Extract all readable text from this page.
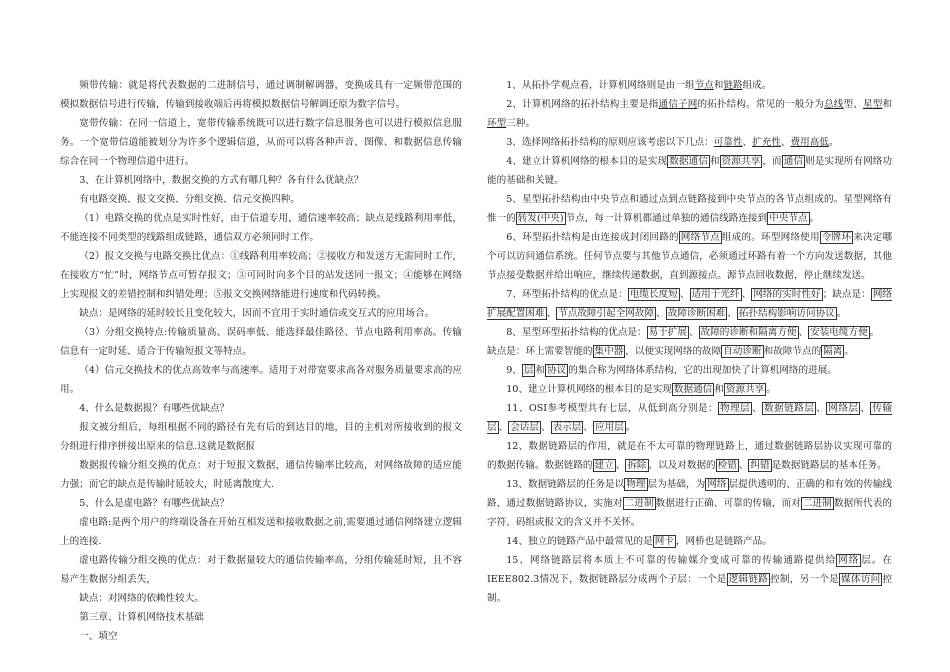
频带传输：就是将代表数据的二进制信号，通过调制解调器，变换成具有一定频带范围的模拟数据信号进行传输，传输到接收端后再将模拟数据信号解调还原为数字信号。

宽带传输：在同一信道上，宽带传输系统既可以进行数字信息服务也可以进行模拟信息服务。一个宽带信道能被划分为许多个逻辑信道，从而可以将各种声音、图像、和数据信息传输综合在同一个物理信道中进行。

3、在计算机网络中，数据交换的方式有哪几种？各有什么优缺点？

有电路交换、报文交换、分组交换、信元交换四种。

（1）电路交换的优点是实时性好，由于信道专用，通信速率较高；缺点是线路利用率低，不能连接不同类型的线路组成链路，通信双方必须同时工作。

（2）报文交换与电路交换比优点：①线路利用率较高；②接收方和发送方无需同时工作，在接收方“忙”时，网络节点可暂存报文；③可同时向多个目的站发送同一报文；④能够在网络上实现报文的差错控制和纠错处理；⑤报文交换网络能进行速度和代码转换。

缺点：是网络的延时较长且变化较大，因而不宜用于实时通信或交互式的应用场合。

（3）分组交换特点:传输质量高、误码率低、能选择最佳路径、节点电路利用率高。传输信息有一定时延、适合于传输短报文等特点。

（4）信元交换技术的优点高效率与高速率。适用于对带宽要求高各对服务质量要求高的应用。

4、什么是数据报？有哪些优缺点？

报文被分组后，每组根据不同的路径有先有后的到达目的地，目的主机对所接收到的报文分组进行排序拼接出原来的信息.这就是数据报

数据报传输分组交换的优点：对于短报文数据，通信传输率比较高，对网络故障的适应能力强；而它的缺点是传输时延较大，时延离散度大.

5、什么是虚电路？有哪些优缺点？

虚电路:是两个用户的终端设备在开始互相发送和接收数据之前,需要通过通信网络建立逻辑上的连接.

虚电路传输分组交换的优点：对于数据量较大的通信传输率高，分组传输延时短，且不容易产生数据分组丢失，

缺点：对网络的依赖性较大。

第三章、计算机网络技术基础

一、填空

1、从拓扑学观点看，计算机网络则是由一组节点和链路组成。

2、计算机网络的拓扑结构主要是指通信子网的拓扑结构。常见的一般分为总线型、星型和环型三种。

3、选择网络拓扑结构的原则应该考虑以下几点：可靠性、扩充性、费用高低。

4、建立计算机网络的根本目的是实现 数据通信 和 资源共享 ，而 通信 则是实现所有网络功能的基础和关键。

5、星型拓扑结构由中央节点和通过点到点链路接到中央节点的各节点组成的。星型网络有惟一的 转发(中央) 节点，每一计算机都通过单独的通信线路连接到 中央节点 。

6、环型拓扑结构是由连接成封闭回路的 网络节点 组成的。环型网络使用 令牌环 来决定哪个可以访问通信系统。任何节点要与其他节点通信，必须通过环路有着一个方向发送数据，其他节点接受数据并给出响应，继续传递数据，直到源接点。源节点回收数据，停止继续发送。

7、环型拓扑结构的优点是： 电缆长度短 、 适用于光纤 、 网络的实时性好 ；缺点是： 网络扩展配置困难 、 节点故障引起全网故障 、 故障诊断困难 、 拓扑结构影响访问协议 。

8、星型环型拓扑结构的优点是： 易于扩展 、 故障的诊断和隔离方便 、 安装电缆方便 。

缺点是：环上需要智能的 集中器 ，以便实现网络的故障 自动诊断 和故障节点的 隔离 。

9、 层 和 协议 的集合称为网络体系结构，它的出现加快了计算机网络的进展。

10、建立计算机网络的根本目的是实现 数据通信 和 资源共享 。

11、OSI参考模型共有七层，从低到高分别是： 物理层 、 数据链路层 、 网络层 、 传输层 、 会话层 、 表示层 、 应用层 。

12、数据链路层的作用，就是在不太可靠的物理链路上，通过数据链路层协议实现可靠的的数据传输。数据链路的 建立 、 拆除 、以及对数据的 检错 、 纠错 是数据链路层的基本任务。

13、数据链路层的任务是以 物理 层为基础，为 网络 层提供透明的、正确的和有效的传输线路，通过数据链路协议，实施对 二进制 数据进行正确、可靠的传输，而对 二进制 数据所代表的字符、码组或报文的含义并不关怀。

14、独立的链路产品中最常见的是 网卡 ，网桥也是链路产品。

15、网络链路层将本质上不可靠的传输媒介变成可靠的传输通路提供给 网络 层。在IEEE802.3情况下，数据链路层分成两个子层：一个是 逻辑链路 控制，另一个是 媒体访问 控制。
